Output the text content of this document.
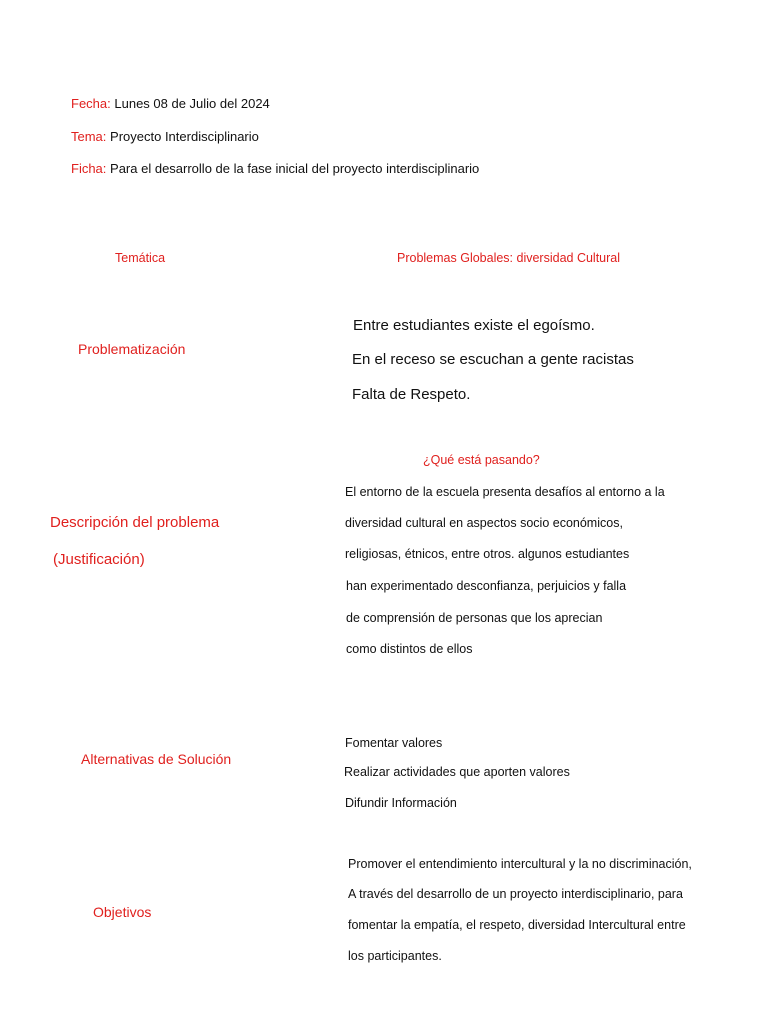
Fecha: Lunes 08 de Julio del 2024
Tema: Proyecto Interdisciplinario
Ficha: Para el desarrollo de la fase inicial del proyecto interdisciplinario
Temática	Problemas Globales: diversidad Cultural
Problematización
Entre estudiantes existe el egoísmo.
En el receso se escuchan a gente racistas
Falta de Respeto.
¿Qué está pasando?
Descripción del problema
(Justificación)
El entorno de la escuela presenta desafíos al entorno a la
diversidad cultural en aspectos socio económicos,
religiosas, étnicos, entre otros. algunos estudiantes
han experimentado desconfianza, perjuicios y falla
de comprensión de personas que los aprecian
como distintos de ellos
Alternativas de Solución
Fomentar valores
Realizar actividades que aporten valores
Difundir Información
Objetivos
Promover el entendimiento intercultural y la no discriminación,
A través del desarrollo de un proyecto interdisciplinario, para
fomentar la empatía, el respeto, diversidad Intercultural entre
los participantes.
